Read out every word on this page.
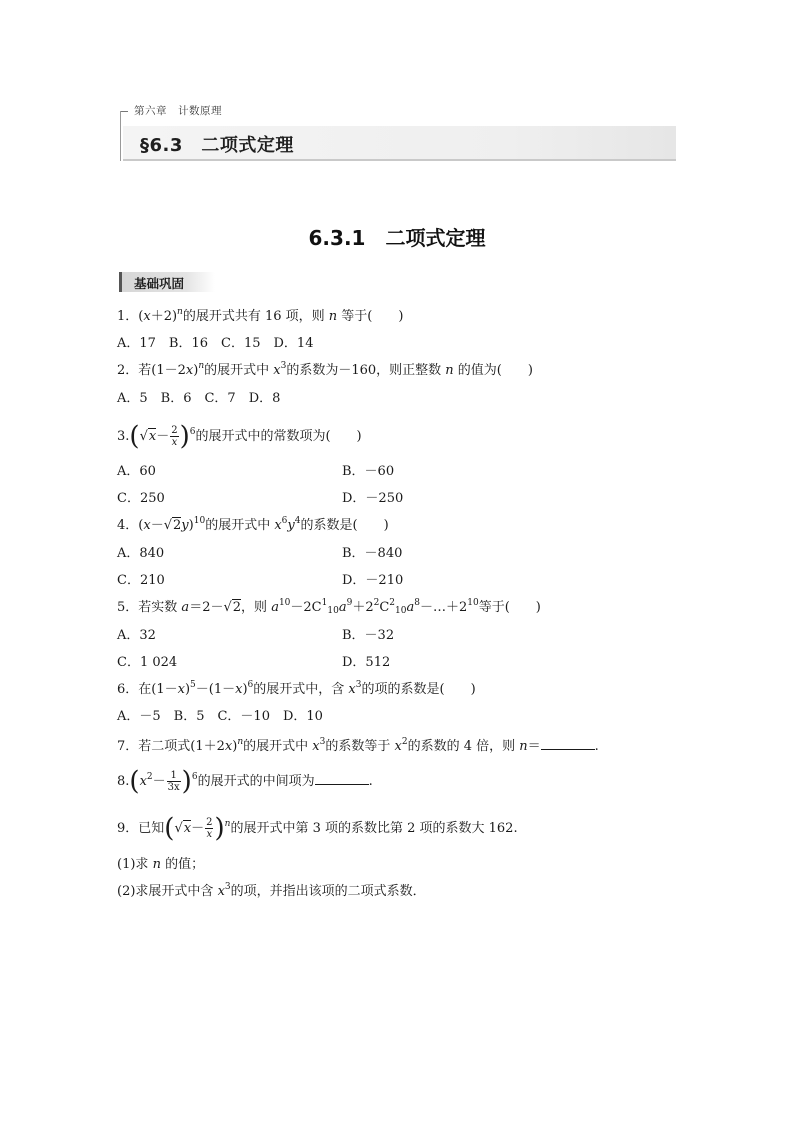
第六章　计数原理
§6.3　二项式定理
6.3.1　二项式定理
基础巩固
1．$(x+2)^n$的展开式共有 16 项，则 n 等于(　　)
A．17　B．16　C．15　D．14
2．若$(1-2x)^n$的展开式中 $x^3$的系数为－160，则正整数 n 的值为(　　)
A．5　B．6　C．7　D．8
$3.(√x- \frac{2}{x} )^6$的展开式中的常数项为(　　)
A．60	B．－60
C．250	D．－250
4．$(x-√2y)^{10}$的展开式中 $x^6y^4$的系数是(　　)
A．840	B．－840
C．210	D．－210
5．若实数 a＝2－√2，则 $a^{10}-2C^1_{10}a^9+2^2C^2_{10}a^8-\dots+2^{10}$等于(　　)
A．32	B．－32
C．1 024	D．512
6．在$(1-x)^5-(1-x)^6$的展开式中，含 $x^3$的项的系数是(　　)
A．－5　B．5　C．－10　D．10
7．若二项式$(1+2x)^n$的展开式中 $x^3$的系数等于 $x^2$的系数的 4 倍，则 n＝	.
$8.(x^2- \frac{1}{3x} )^6$的展开式的中间项为	.
9．已知$(√x- \frac{2}{x} )^n$的展开式中第 3 项的系数比第 2 项的系数大 162.
(1)求 n 的值；
(2)求展开式中含 $x^3$的项，并指出该项的二项式系数．
